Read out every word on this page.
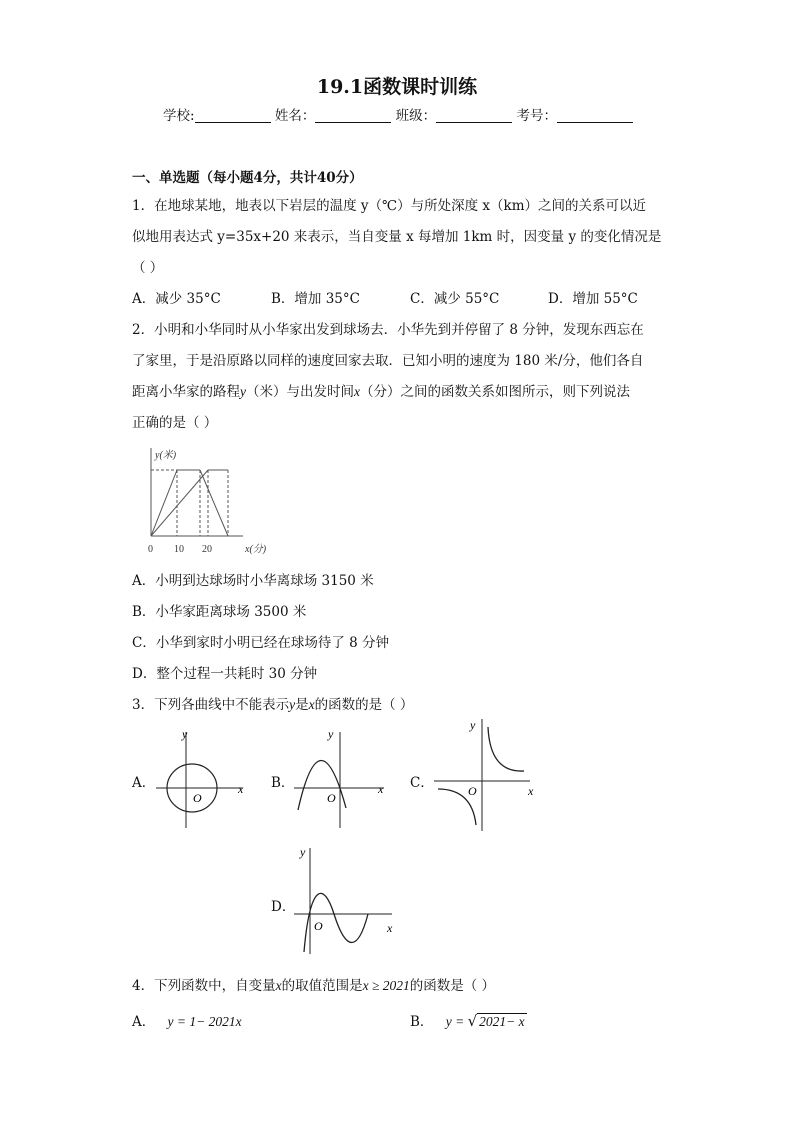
19.1函数课时训练
学校:	姓名：	班级：	考号：
一、单选题（每小题4分，共计40分）
1．在地球某地，地表以下岩层的温度 y（℃）与所处深度 x（km）之间的关系可以近
似地用表达式 y=35x+20 来表示，当自变量 x 每增加 1km 时，因变量 y 的变化情况是
（ ）
A．减少 35°C	B．增加 35°C	C．减少 55°C	D．增加 55°C
2．小明和小华同时从小华家出发到球场去．小华先到并停留了 8 分钟，发现东西忘在
了家里，于是沿原路以同样的速度回家去取．已知小明的速度为 180 米/分，他们各自
距离小华家的路程y（米）与出发时间x（分）之间的函数关系如图所示，则下列说法
正确的是（ ）
y(米)
x(分)
0 10 20
A．小明到达球场时小华离球场 3150 米
B．小华家距离球场 3500 米
C．小华到家时小明已经在球场待了 8 分钟
D．整个过程一共耗时 30 分钟
3．下列各曲线中不能表示y是x的函数的是（ ）
A．
y
x
O
B．
y
x
O
C．
y
x
O
D．
y
x
O
4．下列函数中，自变量x的取值范围是x ≥ 2021的函数是（ ）
A． y = 1− 2021x	B． y = √ 2021− x
